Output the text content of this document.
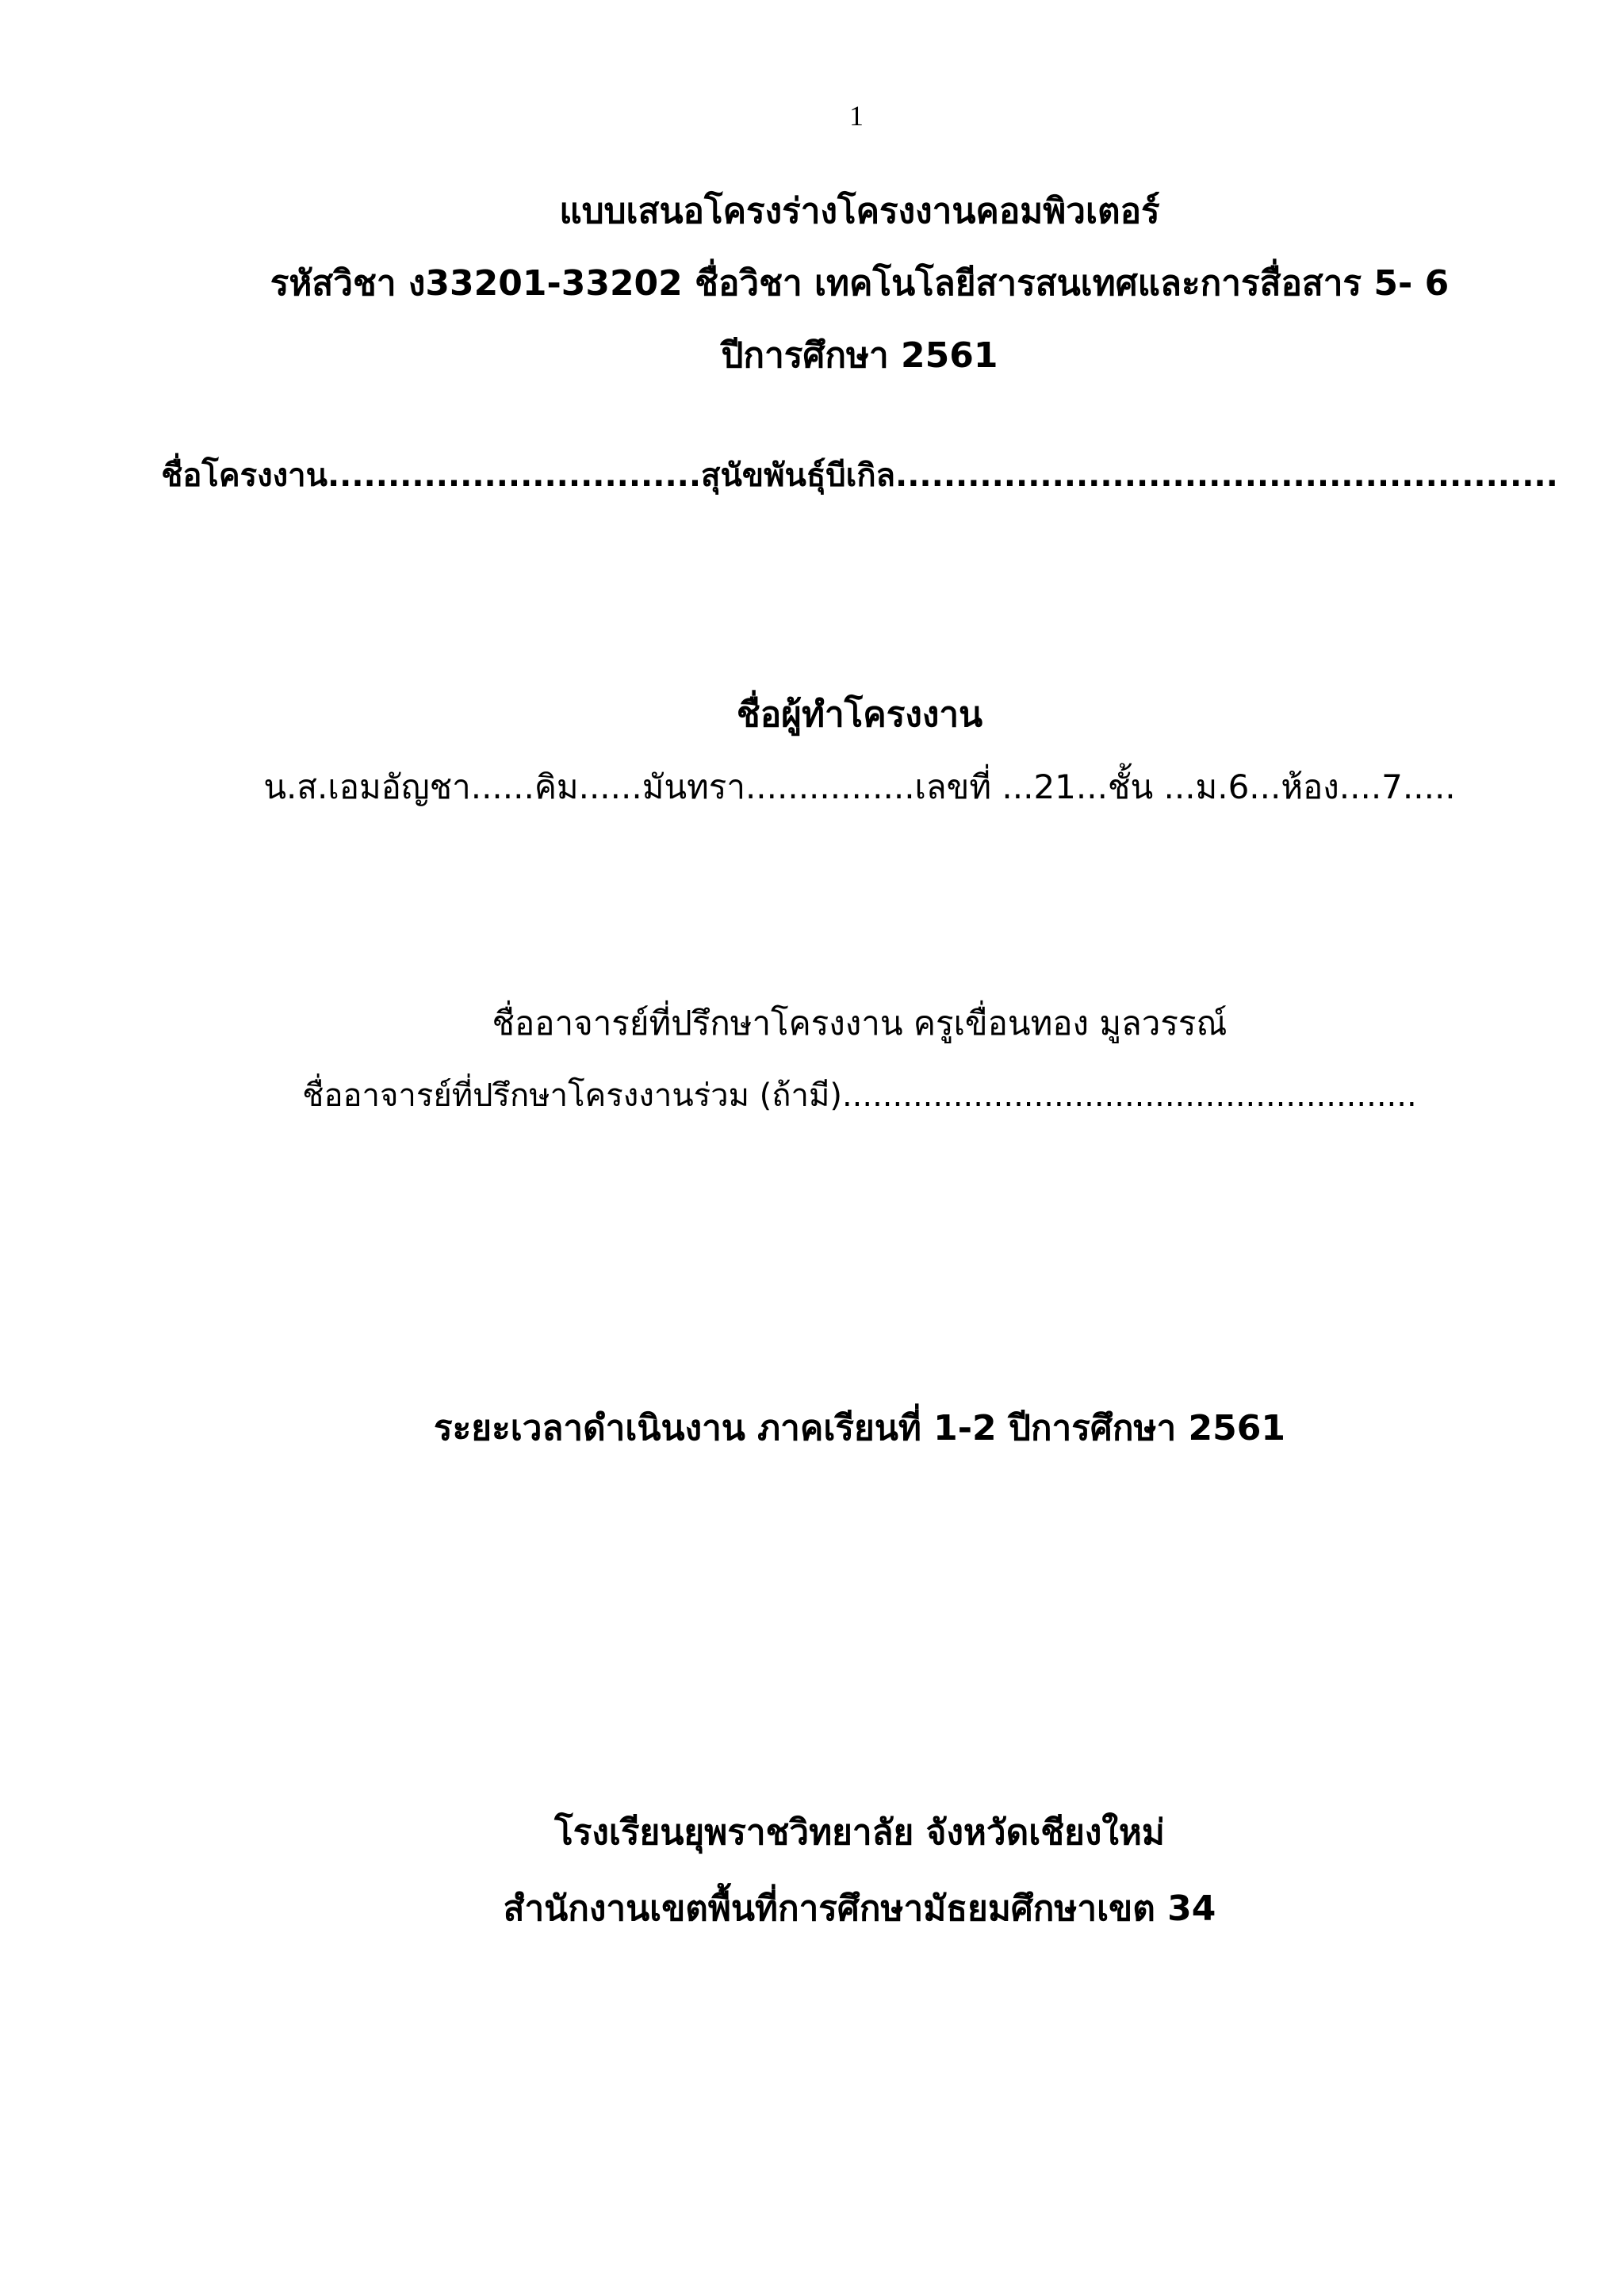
1
แบบเสนอโครงร่างโครงงานคอมพิวเตอร์
รหัสวิชา ง33201-33202 ชื่อวิชา เทคโนโลยีสารสนเทศและการสื่อสาร 5- 6
ปีการศึกษา 2561
ชื่อโครงงาน...............................สุนัขพันธุ์บีเกิล.......................................................
ชื่อผู้ทำโครงงาน
น.ส.เอมอัญชา......คิม......มันทรา................เลขที่ ...21...ชั้น ...ม.6...ห้อง....7.....
ชื่ออาจารย์ที่ปรึกษาโครงงาน ครูเขื่อนทอง มูลวรรณ์
ชื่ออาจารย์ที่ปรึกษาโครงงานร่วม (ถ้ามี).........................................................
ระยะเวลาดำเนินงาน ภาคเรียนที่ 1-2 ปีการศึกษา 2561
โรงเรียนยุพราชวิทยาลัย จังหวัดเชียงใหม่
สำนักงานเขตพื้นที่การศึกษามัธยมศึกษาเขต 34
